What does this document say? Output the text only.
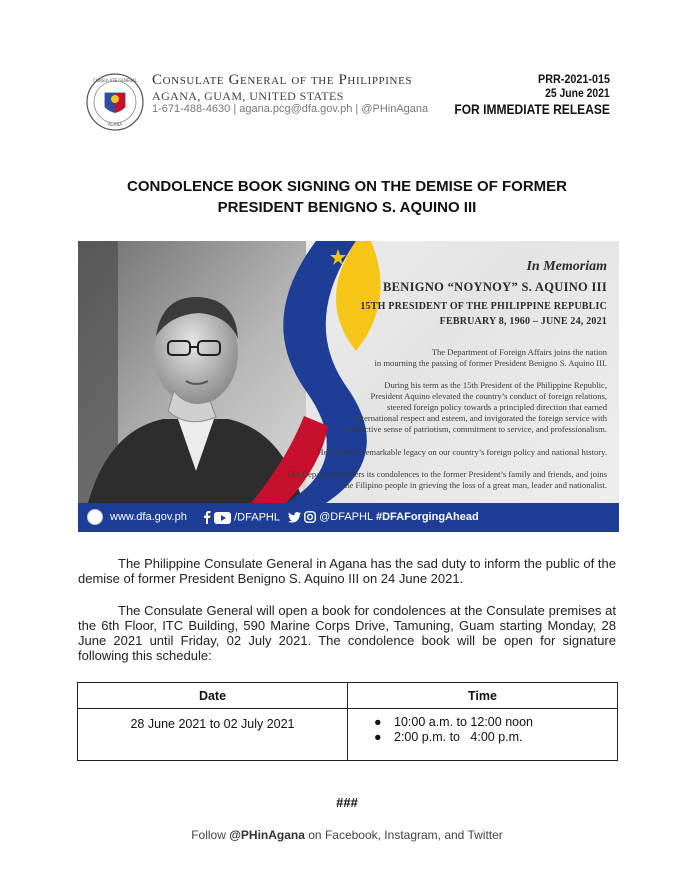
CONSULATE GENERAL
AGANA
Consulate General of the Philippines
AGANA, GUAM, UNITED STATES
1-671-488-4630 | agana.pcg@dfa.gov.ph | @PHinAgana
PRR-2021-015
25 June 2021
FOR IMMEDIATE RELEASE
CONDOLENCE BOOK SIGNING ON THE DEMISE OF FORMER
PRESIDENT BENIGNO S. AQUINO III
In Memoriam
BENIGNO “NOYNOY” S. AQUINO III
15TH PRESIDENT OF THE PHILIPPINE REPUBLIC
FEBRUARY 8, 1960 – JUNE 24, 2021
The Department of Foreign Affairs joins the nation
in mourning the passing of former President Benigno S. Aquino III.
During his term as the 15th President of the Philippine Republic,
President Aquino elevated the country’s conduct of foreign relations,
steered foreign policy towards a principled direction that earned
international respect and esteem, and invigorated the foreign service with
a collective sense of patriotism, commitment to service, and professionalism.
He has left a remarkable legacy on our country’s foreign policy and national history.
The Department offers its condolences to the former President’s family and friends, and joins
the Filipino people in grieving the loss of a great man, leader and nationalist.
www.dfa.gov.ph	/DFAPHL	@DFAPHL #DFAForgingAhead

The Philippine Consulate General in Agana has the sad duty to inform the public of the demise of former President Benigno S. Aquino III on 24 June 2021.

The Consulate General will open a book for condolences at the Consulate premises at the 6th Floor, ITC Building, 590 Marine Corps Drive, Tamuning, Guam starting Monday, 28 June 2021 until Friday, 02 July 2021. The condolence book will be open for signature following this schedule:

Date	Time
28 June 2021 to 02 July 2021	● 10:00 a.m. to 12:00 noon
● 2:00 p.m. to   4:00 p.m.
###
Follow @PHinAgana on Facebook, Instagram, and Twitter
